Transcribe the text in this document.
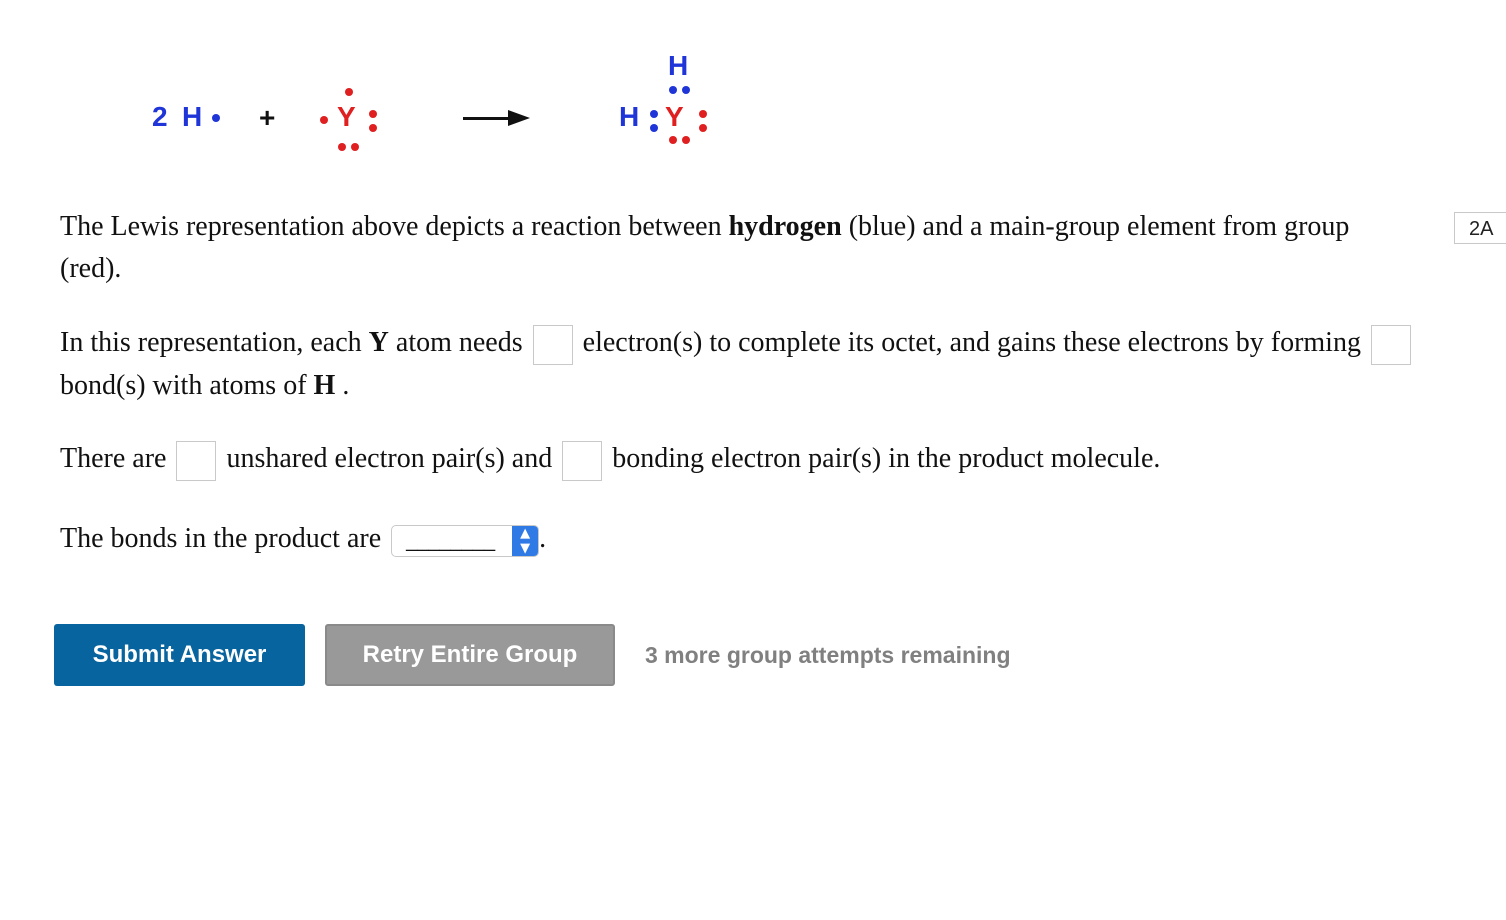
2 H + Y
H
H Y
The Lewis representation above depicts a reaction between hydrogen (blue) and a main-group element from group
(red).
2A
In this representation, each Y atom needs electron(s) to complete its octet, and gains these electrons by forming
bond(s) with atoms of H .
There are unshared electron pair(s) and bonding electron pair(s) in the product molecule.
The bonds in the product are ________	▲
▼ .
Submit Answer	Retry Entire Group	3 more group attempts remaining
